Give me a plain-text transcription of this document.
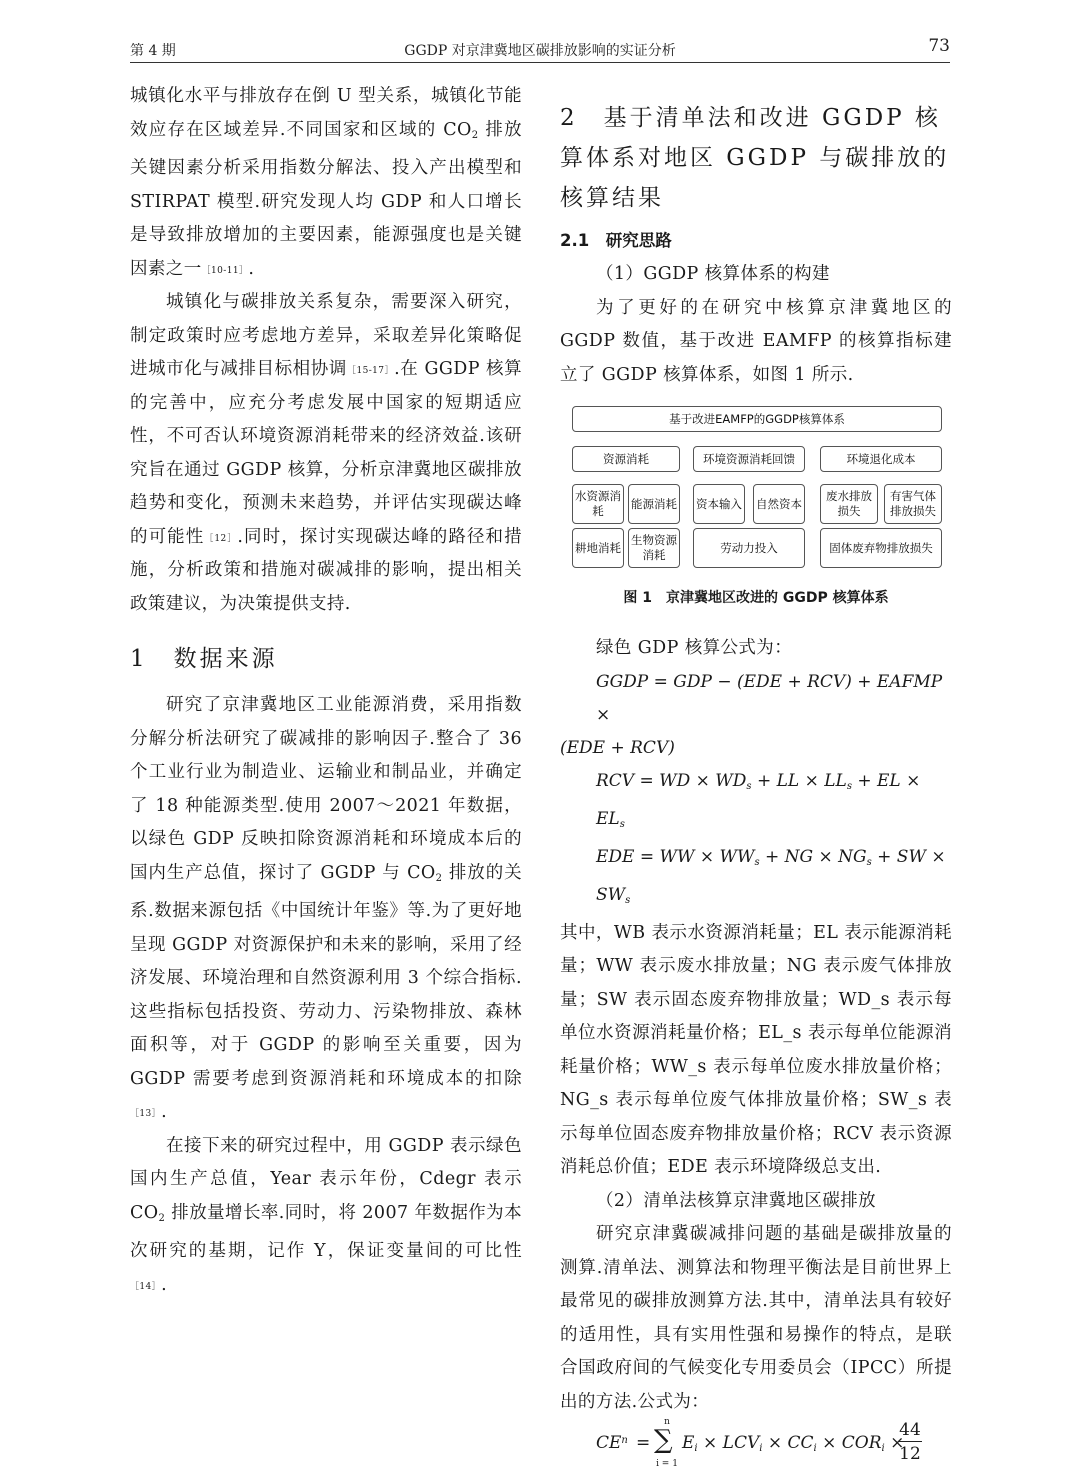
第 4 期	GGDP 对京津冀地区碳排放影响的实证分析	73

城镇化水平与排放存在倒 U 型关系，城镇化节能效应存在区域差异.不同国家和区域的 $CO_2$ 排放关键因素分析采用指数分解法、投入产出模型和 STIRPAT 模型.研究发现人均 GDP 和人口增长是导致排放增加的主要因素，能源强度也是关键因素之一$^{[10-11]}$.

城镇化与碳排放关系复杂，需要深入研究，制定政策时应考虑地方差异，采取差异化策略促进城市化与减排目标相协调$^{[15-17]}$.在 GGDP 核算的完善中，应充分考虑发展中国家的短期适应性，不可否认环境资源消耗带来的经济效益.该研究旨在通过 GGDP 核算，分析京津冀地区碳排放趋势和变化，预测未来趋势，并评估实现碳达峰的可能性$^{[12]}$.同时，探讨实现碳达峰的路径和措施，分析政策和措施对碳减排的影响，提出相关政策建议，为决策提供支持.

1　数据来源

研究了京津冀地区工业能源消费，采用指数分解分析法研究了碳减排的影响因子.整合了 36 个工业行业为制造业、运输业和制品业，并确定了 18 种能源类型.使用 2007～2021 年数据，以绿色 GDP 反映扣除资源消耗和环境成本后的国内生产总值，探讨了 GGDP 与 $CO_2$ 排放的关系.数据来源包括《中国统计年鉴》等.为了更好地呈现 GGDP 对资源保护和未来的影响，采用了经济发展、环境治理和自然资源利用 3 个综合指标.这些指标包括投资、劳动力、污染物排放、森林面积等，对于 GGDP 的影响至关重要，因为 GGDP 需要考虑到资源消耗和环境成本的扣除$^{[13]}$.

在接下来的研究过程中，用 GGDP 表示绿色国内生产总值，Year 表示年份，Cdegr 表示 $CO_2$ 排放量增长率.同时，将 2007 年数据作为本次研究的基期，记作 Y，保证变量间的可比性$^{[14]}$.

2　基于清单法和改进 GGDP 核算体系对地区 GGDP 与碳排放的核算结果
2.1　研究思路

（1）GGDP 核算体系的构建

为了更好的在研究中核算京津冀地区的 GGDP 数值，基于改进 EAMFP 的核算指标建立了 GGDP 核算体系，如图 1 所示.

基于改进EAMFP的GGDP核算体系
资源消耗	环境资源消耗回馈	环境退化成本
水资源消耗
能源消耗 资本输入 自然资本
废水排放损失
有害气体排放损失
耕地消耗
生物资源消耗
劳动力投入	固体废弃物排放损失
图 1　京津冀地区改进的 GGDP 核算体系

绿色 GDP 核算公式为：

GGDP = GDP − (EDE + RCV) + EAFMP ×
(EDE + RCV)
RCV = WD × $WD_s$ + LL × $LL_s$ + EL × $EL_s$
EDE = WW × $WW_s$ + NG × $NG_s$ + SW × $SW_s$

其中，WB 表示水资源消耗量；EL 表示能源消耗量；WW 表示废水排放量；NG 表示废气体排放量；SW 表示固态废弃物排放量；WD_s 表示每单位水资源消耗量价格；EL_s 表示每单位能源消耗量价格；WW_s 表示每单位废水排放量价格；NG_s 表示每单位废气体排放量价格；SW_s 表示每单位固态废弃物排放量价格；RCV 表示资源消耗总价值；EDE 表示环境降级总支出.

（2）清单法核算京津冀地区碳排放

研究京津冀碳减排问题的基础是碳排放量的测算.清单法、测算法和物理平衡法是目前世界上最常见的碳排放测算方法.其中，清单法具有较好的适用性，具有实用性强和易操作的特点，是联合国政府间的气候变化专用委员会（IPCC）所提出的方法.公式为：

$CE^n$ =
n
∑
i = 1
$E_i \times LCV_i \times CC_i \times COR_i$ ×
44
12
